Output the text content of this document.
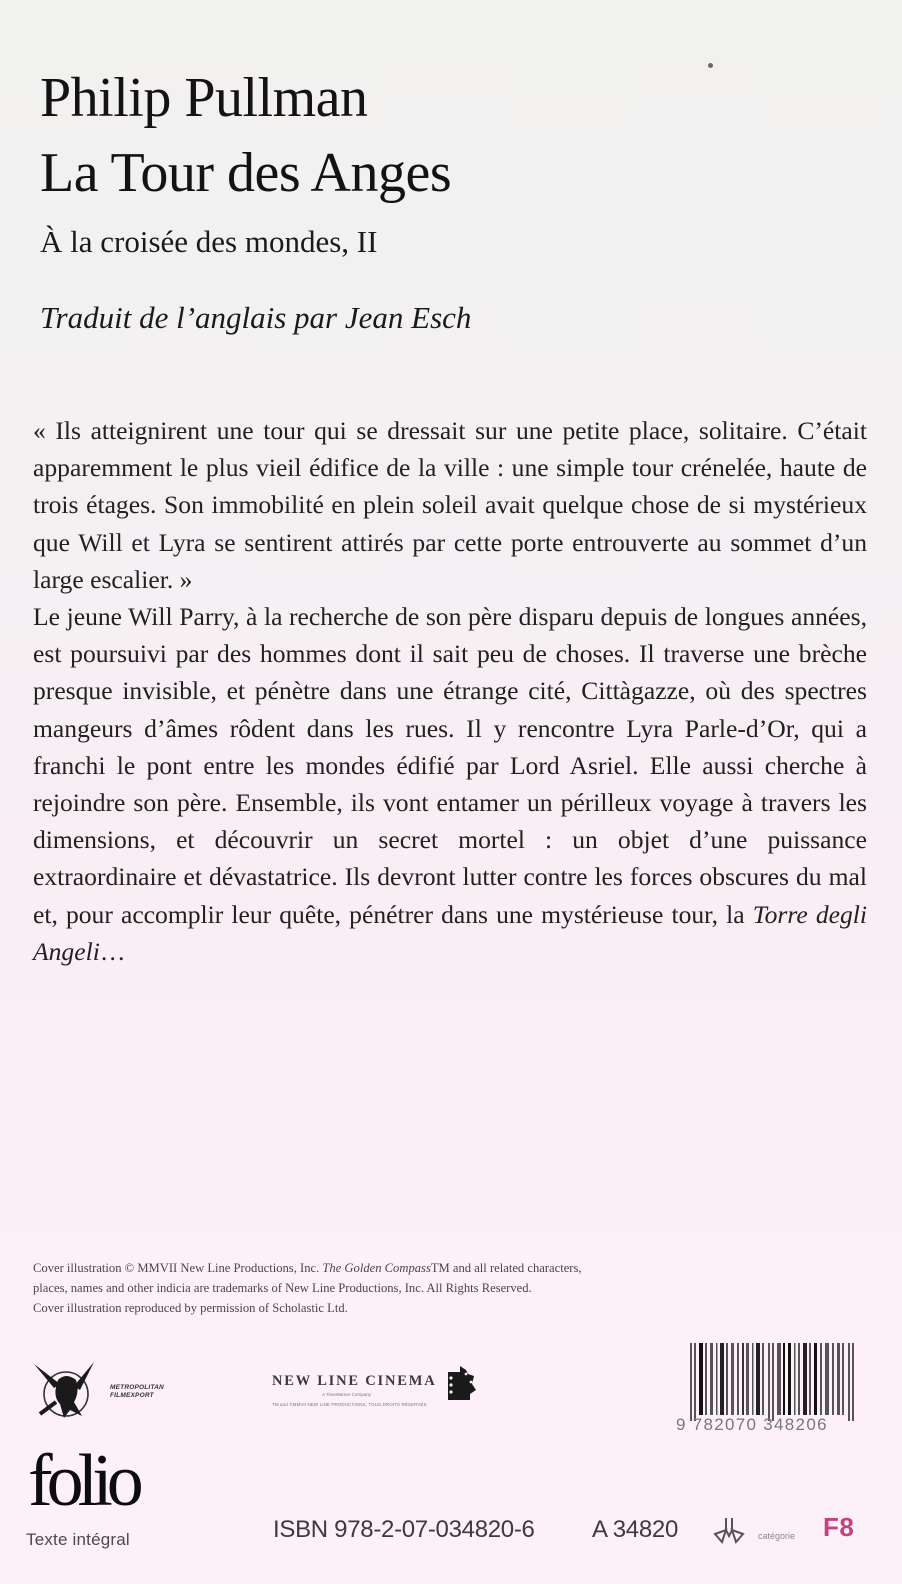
Philip Pullman
La Tour des Anges
À la croisée des mondes, II
Traduit de l’anglais par Jean Esch

« Ils atteignirent une tour qui se dressait sur une petite place, solitaire. C’était apparemment le plus vieil édifice de la ville : une simple tour crénelée, haute de trois étages. Son immobilité en plein soleil avait quelque chose de si mystérieux que Will et Lyra se sentirent attirés par cette porte entrouverte au sommet d’un large escalier. »

Le jeune Will Parry, à la recherche de son père disparu depuis de longues années, est poursuivi par des hommes dont il sait peu de choses. Il traverse une brèche presque invisible, et pénètre dans une étrange cité, Cittàgazze, où des spectres mangeurs d’âmes rôdent dans les rues. Il y rencontre Lyra Parle-d’Or, qui a franchi le pont entre les mondes édifié par Lord Asriel. Elle aussi cherche à rejoindre son père. Ensemble, ils vont entamer un périlleux voyage à travers les dimensions, et découvrir un secret mortel : un objet d’une puissance extraordinaire et dévastatrice. Ils devront lutter contre les forces obscures du mal et, pour accomplir leur quête, pénétrer dans une mystérieuse tour, la Torre degli Angeli…

Cover illustration © MMVII New Line Productions, Inc. The Golden CompassTM and all related characters, places, names and other indicia are trademarks of New Line Productions, Inc. All Rights Reserved.

Cover illustration reproduced by permission of Scholastic Ltd.

METROPOLITAN
FILMEXPORT
NEW LINE CINEMA
A TimeWarner Company
TM and ©MMVII NEW LINE PRODUCTIONS, TOUS DROITS RÉSERVÉS
9 782070 348206
folio
Texte intégral	ISBN 978-2-07-034820-6 A 34820	catégorie F8
